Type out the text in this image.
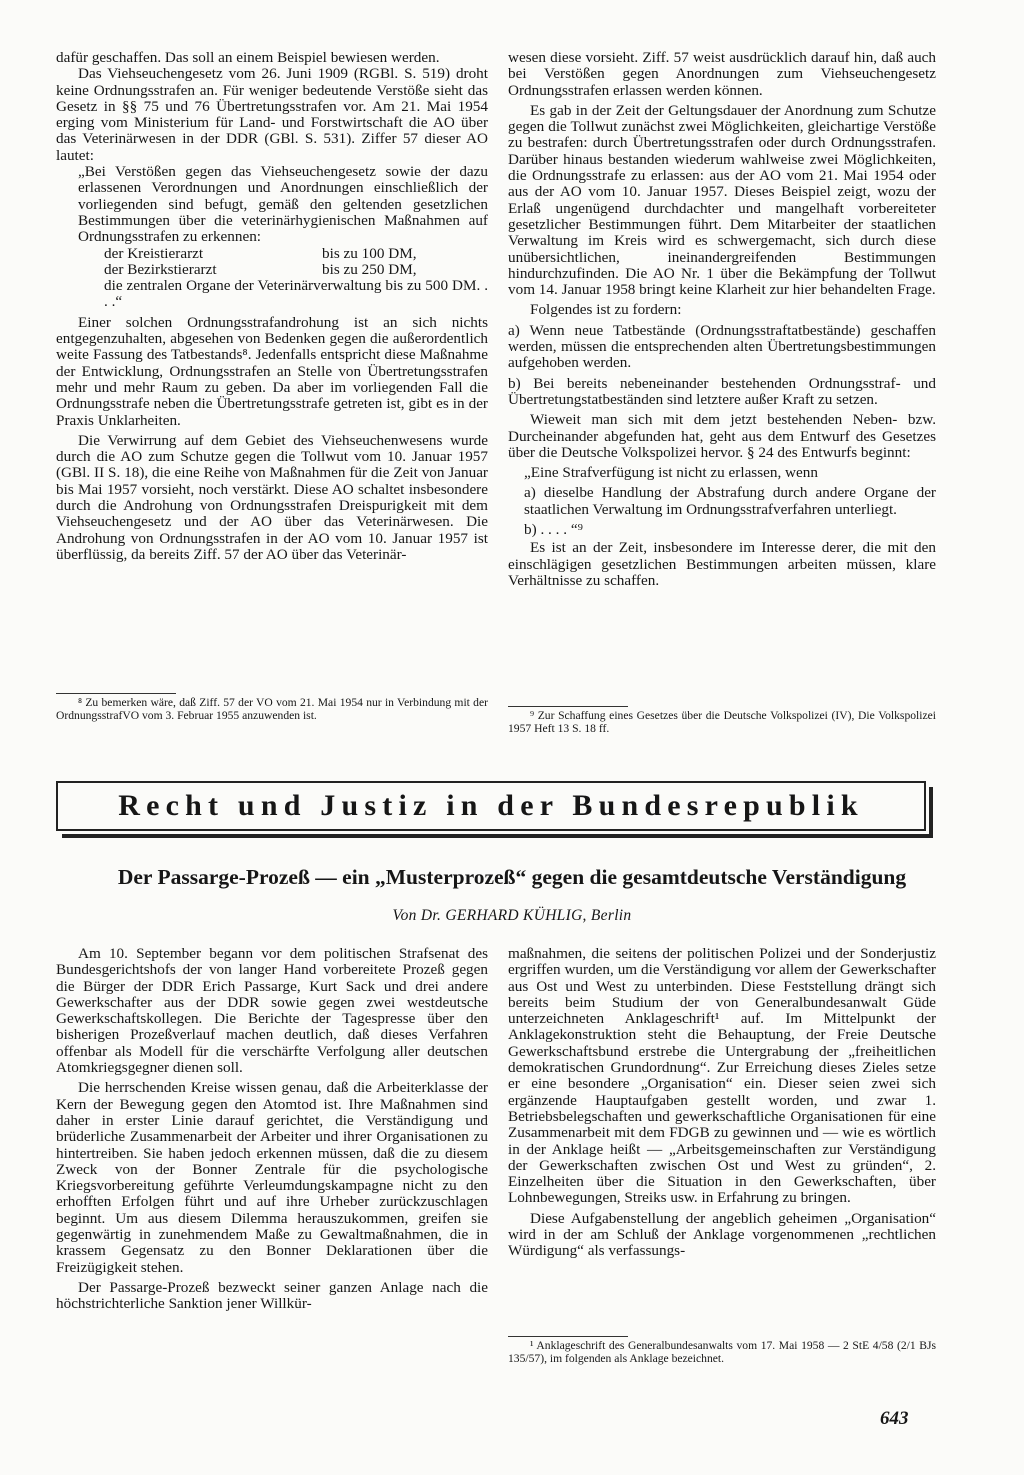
dafür geschaffen. Das soll an einem Beispiel bewiesen werden.

Das Viehseuchengesetz vom 26. Juni 1909 (RGBl. S. 519) droht keine Ordnungsstrafen an. Für weniger bedeutende Verstöße sieht das Gesetz in §§ 75 und 76 Übertretungsstrafen vor. Am 21. Mai 1954 erging vom Ministerium für Land- und Forstwirtschaft die AO über das Veterinärwesen in der DDR (GBl. S. 531). Ziffer 57 dieser AO lautet:

„Bei Verstößen gegen das Viehseuchengesetz sowie der dazu erlassenen Verordnungen und Anordnungen einschließlich der vorliegenden sind befugt, gemäß den geltenden gesetzlichen Bestimmungen über die veterinärhygienischen Maßnahmen auf Ordnungsstrafen zu erkennen:

der Kreistierarzt	bis zu 100 DM,
der Bezirkstierarzt	bis zu 250 DM,
die zentralen Organe der Veterinärverwaltung bis zu 500 DM. . . .“

Einer solchen Ordnungsstrafandrohung ist an sich nichts entgegenzuhalten, abgesehen von Bedenken gegen die außerordentlich weite Fassung des Tatbestands⁸. Jedenfalls entspricht diese Maßnahme der Entwicklung, Ordnungsstrafen an Stelle von Übertretungsstrafen mehr und mehr Raum zu geben. Da aber im vorliegenden Fall die Ordnungsstrafe neben die Übertretungsstrafe getreten ist, gibt es in der Praxis Unklarheiten.

Die Verwirrung auf dem Gebiet des Viehseuchenwesens wurde durch die AO zum Schutze gegen die Tollwut vom 10. Januar 1957 (GBl. II S. 18), die eine Reihe von Maßnahmen für die Zeit von Januar bis Mai 1957 vorsieht, noch verstärkt. Diese AO schaltet insbesondere durch die Androhung von Ordnungsstrafen Dreispurigkeit mit dem Viehseuchengesetz und der AO über das Veterinärwesen. Die Androhung von Ordnungsstrafen in der AO vom 10. Januar 1957 ist überflüssig, da bereits Ziff. 57 der AO über das Veterinär-

⁸ Zu bemerken wäre, daß Ziff. 57 der VO vom 21. Mai 1954 nur in Verbindung mit der OrdnungsstrafVO vom 3. Februar 1955 anzuwenden ist.

wesen diese vorsieht. Ziff. 57 weist ausdrücklich darauf hin, daß auch bei Verstößen gegen Anordnungen zum Viehseuchengesetz Ordnungsstrafen erlassen werden können.

Es gab in der Zeit der Geltungsdauer der Anordnung zum Schutze gegen die Tollwut zunächst zwei Möglichkeiten, gleichartige Verstöße zu bestrafen: durch Übertretungsstrafen oder durch Ordnungsstrafen. Darüber hinaus bestanden wiederum wahlweise zwei Möglichkeiten, die Ordnungsstrafe zu erlassen: aus der AO vom 21. Mai 1954 oder aus der AO vom 10. Januar 1957. Dieses Beispiel zeigt, wozu der Erlaß ungenügend durchdachter und mangelhaft vorbereiteter gesetzlicher Bestimmungen führt. Dem Mitarbeiter der staatlichen Verwaltung im Kreis wird es schwergemacht, sich durch diese unübersichtlichen, ineinandergreifenden Bestimmungen hindurchzufinden. Die AO Nr. 1 über die Bekämpfung der Tollwut vom 14. Januar 1958 bringt keine Klarheit zur hier behandelten Frage.

Folgendes ist zu fordern:

a) Wenn neue Tatbestände (Ordnungsstraftatbestände) geschaffen werden, müssen die entsprechenden alten Übertretungsbestimmungen aufgehoben werden.

b) Bei bereits nebeneinander bestehenden Ordnungsstraf- und Übertretungstatbeständen sind letztere außer Kraft zu setzen.

Wieweit man sich mit dem jetzt bestehenden Neben- bzw. Durcheinander abgefunden hat, geht aus dem Entwurf des Gesetzes über die Deutsche Volkspolizei hervor. § 24 des Entwurfs beginnt:

„Eine Strafverfügung ist nicht zu erlassen, wenn

a) dieselbe Handlung der Abstrafung durch andere Organe der staatlichen Verwaltung im Ordnungsstrafverfahren unterliegt.

b) . . . . “⁹

Es ist an der Zeit, insbesondere im Interesse derer, die mit den einschlägigen gesetzlichen Bestimmungen arbeiten müssen, klare Verhältnisse zu schaffen.

⁹ Zur Schaffung eines Gesetzes über die Deutsche Volkspolizei (IV), Die Volkspolizei 1957 Heft 13 S. 18 ff.

Recht und Justiz in der Bundesrepublik
Der Passarge-Prozeß — ein „Musterprozeß“ gegen die gesamtdeutsche Verständigung
Von Dr. GERHARD KÜHLIG, Berlin

Am 10. September begann vor dem politischen Strafsenat des Bundesgerichtshofs der von langer Hand vorbereitete Prozeß gegen die Bürger der DDR Erich Passarge, Kurt Sack und drei andere Gewerkschafter aus der DDR sowie gegen zwei westdeutsche Gewerkschaftskollegen. Die Berichte der Tagespresse über den bisherigen Prozeßverlauf machen deutlich, daß dieses Verfahren offenbar als Modell für die verschärfte Verfolgung aller deutschen Atomkriegsgegner dienen soll.

Die herrschenden Kreise wissen genau, daß die Arbeiterklasse der Kern der Bewegung gegen den Atomtod ist. Ihre Maßnahmen sind daher in erster Linie darauf gerichtet, die Verständigung und brüderliche Zusammenarbeit der Arbeiter und ihrer Organisationen zu hintertreiben. Sie haben jedoch erkennen müssen, daß die zu diesem Zweck von der Bonner Zentrale für die psychologische Kriegsvorbereitung geführte Verleumdungskampagne nicht zu den erhofften Erfolgen führt und auf ihre Urheber zurückzuschlagen beginnt. Um aus diesem Dilemma herauszukommen, greifen sie gegenwärtig in zunehmendem Maße zu Gewaltmaßnahmen, die in krassem Gegensatz zu den Bonner Deklarationen über die Freizügigkeit stehen.

Der Passarge-Prozeß bezweckt seiner ganzen Anlage nach die höchstrichterliche Sanktion jener Willkür-

maßnahmen, die seitens der politischen Polizei und der Sonderjustiz ergriffen wurden, um die Verständigung vor allem der Gewerkschafter aus Ost und West zu unterbinden. Diese Feststellung drängt sich bereits beim Studium der von Generalbundesanwalt Güde unterzeichneten Anklageschrift¹ auf. Im Mittelpunkt der Anklagekonstruktion steht die Behauptung, der Freie Deutsche Gewerkschaftsbund erstrebe die Untergrabung der „freiheitlichen demokratischen Grundordnung“. Zur Erreichung dieses Zieles setze er eine besondere „Organisation“ ein. Dieser seien zwei sich ergänzende Hauptaufgaben gestellt worden, und zwar 1. Betriebsbelegschaften und gewerkschaftliche Organisationen für eine Zusammenarbeit mit dem FDGB zu gewinnen und — wie es wörtlich in der Anklage heißt — „Arbeitsgemeinschaften zur Verständigung der Gewerkschaften zwischen Ost und West zu gründen“, 2. Einzelheiten über die Situation in den Gewerkschaften, über Lohnbewegungen, Streiks usw. in Erfahrung zu bringen.

Diese Aufgabenstellung der angeblich geheimen „Organisation“ wird in der am Schluß der Anklage vorgenommenen „rechtlichen Würdigung“ als verfassungs-

¹ Anklageschrift des Generalbundesanwalts vom 17. Mai 1958 — 2 StE 4/58 (2/1 BJs 135/57), im folgenden als Anklage bezeichnet.

643
